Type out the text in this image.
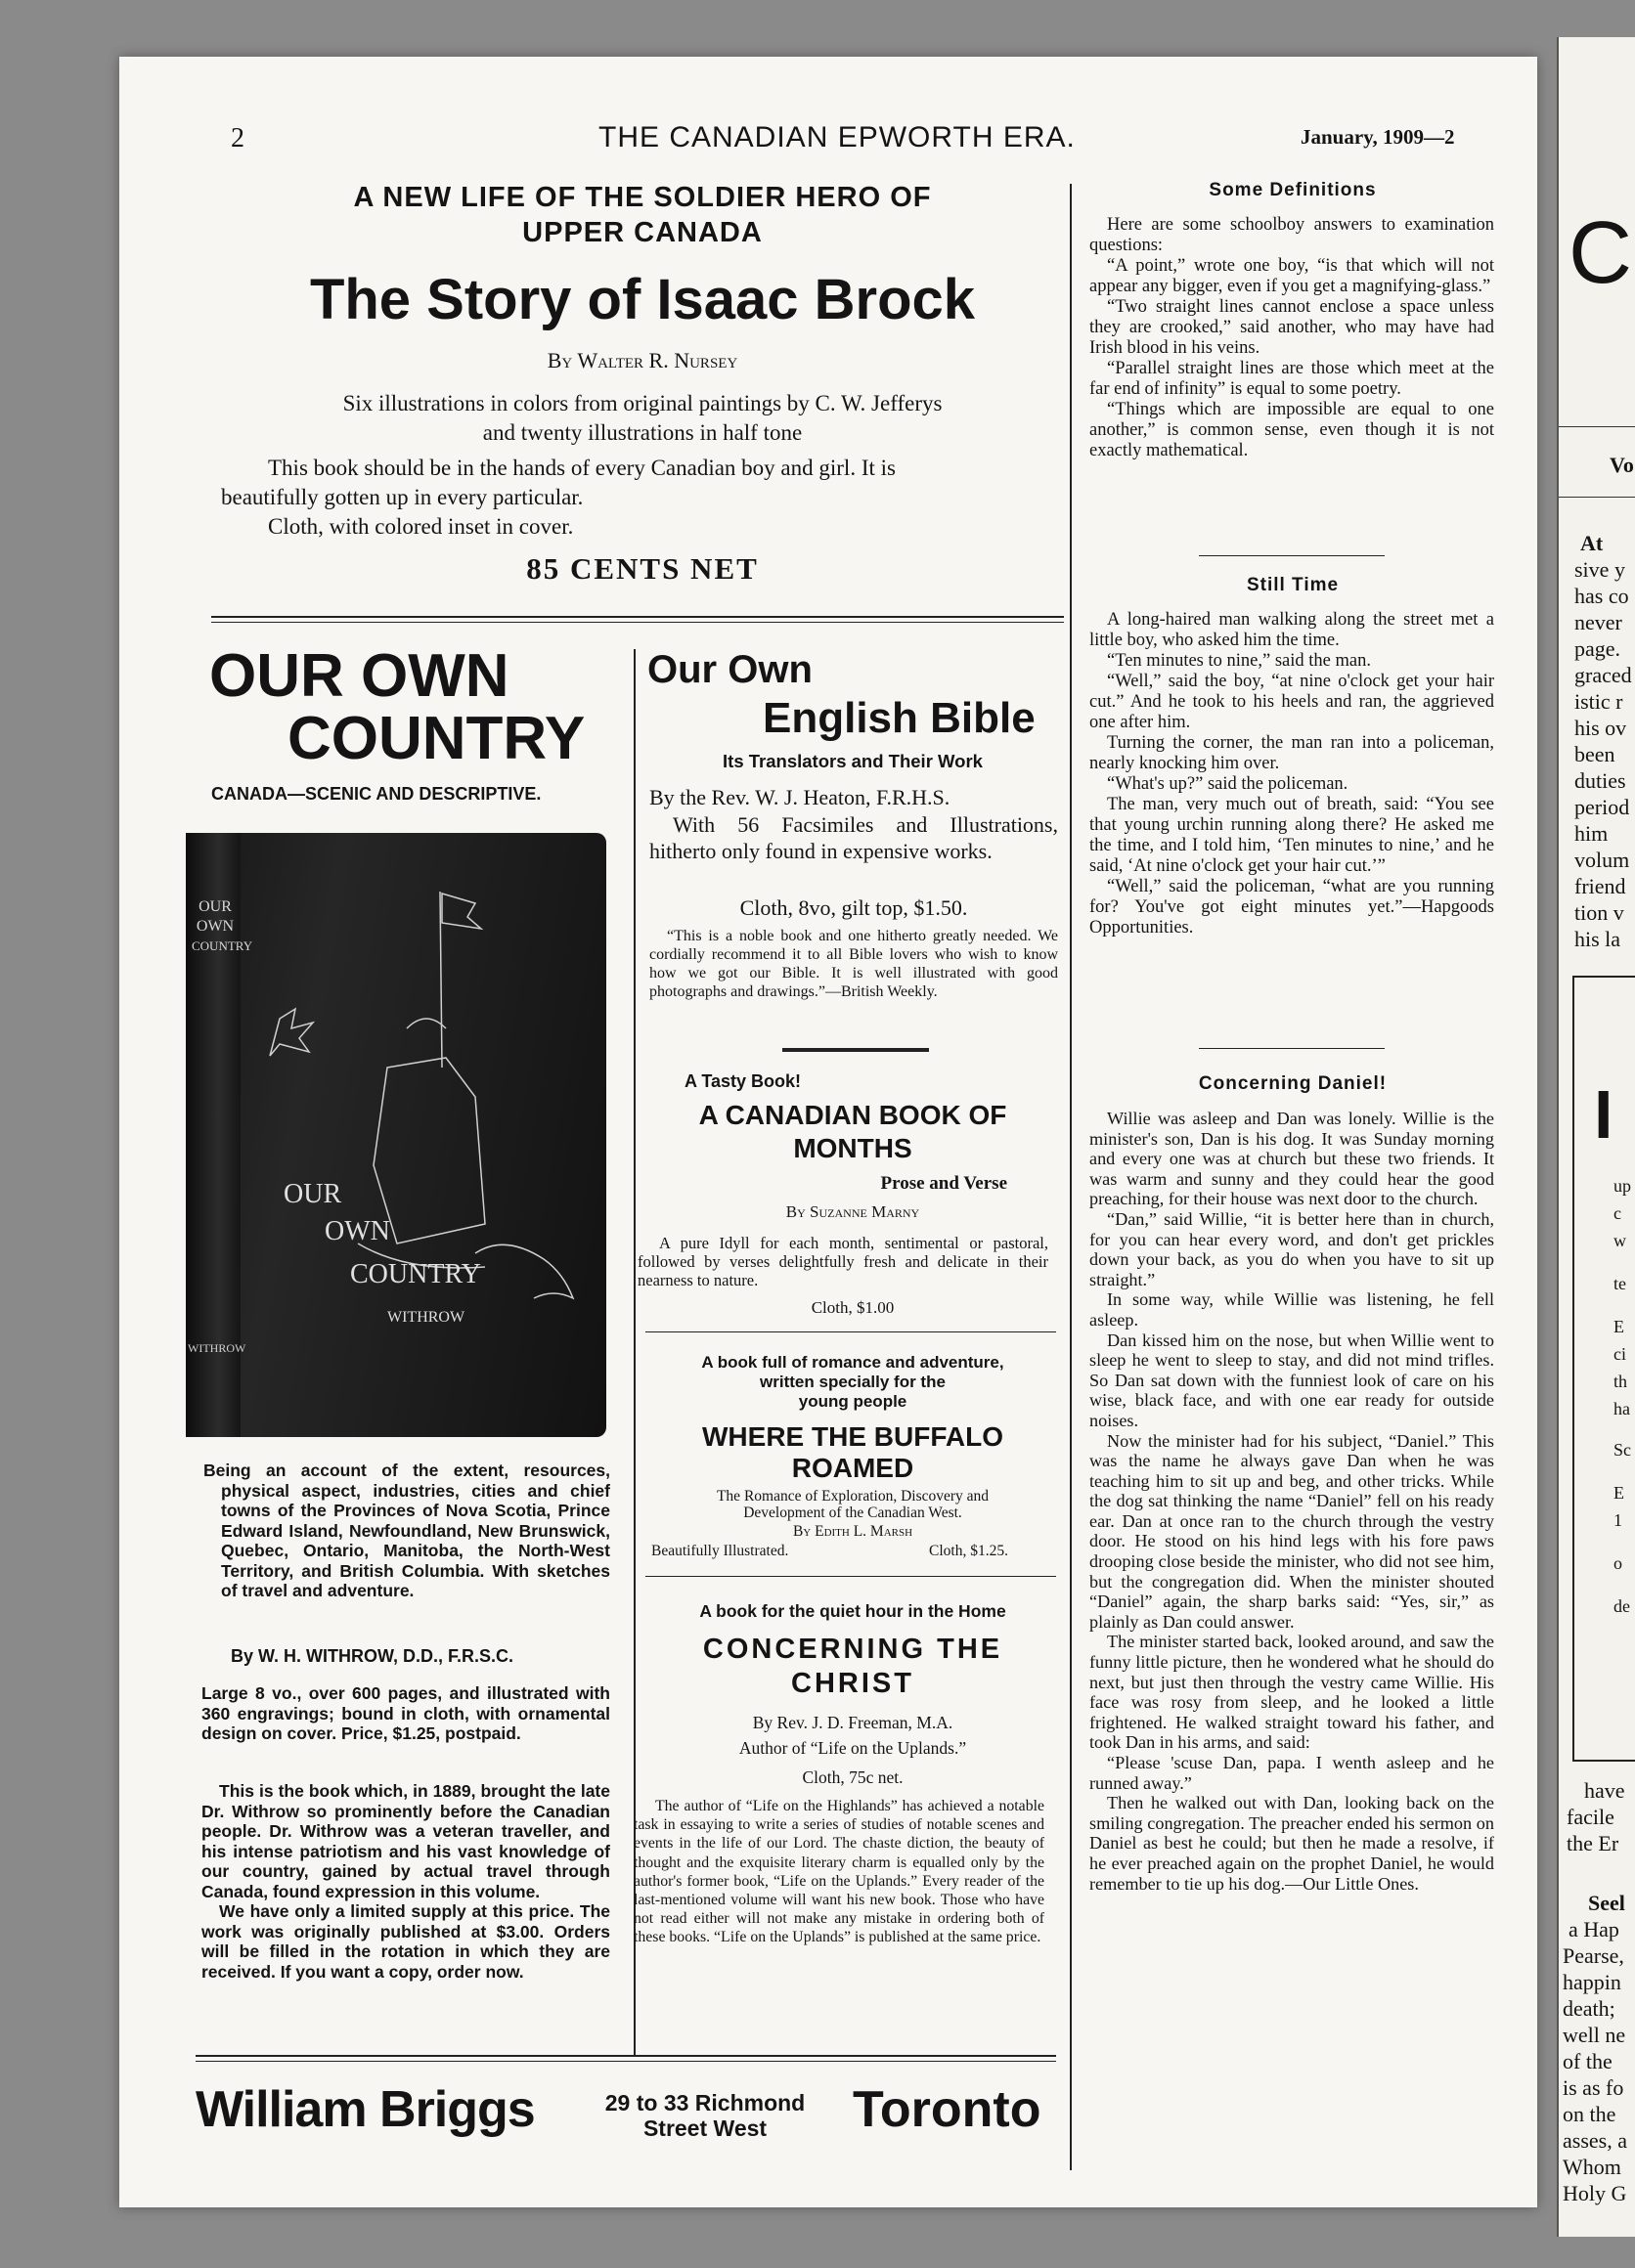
2	THE CANADIAN EPWORTH ERA.	January, 1909—2
A NEW LIFE OF THE SOLDIER HERO OF
UPPER CANADA
The Story of Isaac Brock
By Walter R. Nursey
Six illustrations in colors from original paintings by C. W. Jefferys
and twenty illustrations in half tone
This book should be in the hands of every Canadian boy and girl. It is
beautifully gotten up in every particular.
Cloth, with colored inset in cover.
85 CENTS NET
OUR OWN
COUNTRY
CANADA—SCENIC AND DESCRIPTIVE.
OUR
OWN
COUNTRY
WITHROW
OUR
OWN
COUNTRY
WITHROW
Being an account of the extent, resources, physical aspect, industries, cities and chief towns of the Provinces of Nova Scotia, Prince Edward Island, Newfoundland, New Brunswick, Quebec, Ontario, Manitoba, the North-West Territory, and British Columbia. With sketches of travel and adventure.
By W. H. WITHROW, D.D., F.R.S.C.
Large 8 vo., over 600 pages, and illustrated with 360 engravings; bound in cloth, with ornamental design on cover. Price, $1.25, postpaid.

This is the book which, in 1889, brought the late Dr. Withrow so prominently before the Canadian people. Dr. Withrow was a veteran traveller, and his intense patriotism and his vast knowledge of our country, gained by actual travel through Canada, found expression in this volume.

We have only a limited supply at this price. The work was originally published at $3.00. Orders will be filled in the rotation in which they are received. If you want a copy, order now.

Our Own
English Bible
Its Translators and Their Work
By the Rev. W. J. Heaton, F.R.H.S.
With 56 Facsimiles and Illustrations, hitherto only found in expensive works.
Cloth, 8vo, gilt top, $1.50.
“This is a noble book and one hitherto greatly needed. We cordially recommend it to all Bible lovers who wish to know how we got our Bible. It is well illustrated with good photographs and drawings.”—British Weekly.
A Tasty Book!
A CANADIAN BOOK OF
MONTHS
Prose and Verse
By Suzanne Marny
A pure Idyll for each month, sentimental or pastoral, followed by verses delightfully fresh and delicate in their nearness to nature.
Cloth, $1.00
A book full of romance and adventure,
written specially for the
young people
WHERE THE BUFFALO
ROAMED
The Romance of Exploration, Discovery and
Development of the Canadian West.
By Edith L. Marsh
Beautifully Illustrated.	Cloth, $1.25.
A book for the quiet hour in the Home
CONCERNING THE
CHRIST
By Rev. J. D. Freeman, M.A.
Author of “Life on the Uplands.”
Cloth, 75c net.
The author of “Life on the Highlands” has achieved a notable task in essaying to write a series of studies of notable scenes and events in the life of our Lord. The chaste diction, the beauty of thought and the exquisite literary charm is equalled only by the author's former book, “Life on the Uplands.” Every reader of the last-mentioned volume will want his new book. Those who have not read either will not make any mistake in ordering both of these books. “Life on the Uplands” is published at the same price.
William Briggs	29 to 33 Richmond
Street West	Toronto
Some Definitions

Here are some schoolboy answers to examination questions:

“A point,” wrote one boy, “is that which will not appear any bigger, even if you get a magnifying-glass.”

“Two straight lines cannot enclose a space unless they are crooked,” said another, who may have had Irish blood in his veins.

“Parallel straight lines are those which meet at the far end of infinity” is equal to some poetry.

“Things which are impossible are equal to one another,” is common sense, even though it is not exactly mathematical.

Still Time

A long-haired man walking along the street met a little boy, who asked him the time.

“Ten minutes to nine,” said the man.

“Well,” said the boy, “at nine o'clock get your hair cut.” And he took to his heels and ran, the aggrieved one after him.

Turning the corner, the man ran into a policeman, nearly knocking him over.

“What's up?” said the policeman.

The man, very much out of breath, said: “You see that young urchin running along there? He asked me the time, and I told him, ‘Ten minutes to nine,’ and he said, ‘At nine o'clock get your hair cut.’”

“Well,” said the policeman, “what are you running for? You've got eight minutes yet.”—Hapgoods Opportunities.

Concerning Daniel!

Willie was asleep and Dan was lonely. Willie is the minister's son, Dan is his dog. It was Sunday morning and every one was at church but these two friends. It was warm and sunny and they could hear the good preaching, for their house was next door to the church.

“Dan,” said Willie, “it is better here than in church, for you can hear every word, and don't get prickles down your back, as you do when you have to sit up straight.”

In some way, while Willie was listening, he fell asleep.

Dan kissed him on the nose, but when Willie went to sleep he went to sleep to stay, and did not mind trifles. So Dan sat down with the funniest look of care on his wise, black face, and with one ear ready for outside noises.

Now the minister had for his subject, “Daniel.” This was the name he always gave Dan when he was teaching him to sit up and beg, and other tricks. While the dog sat thinking the name “Daniel” fell on his ready ear. Dan at once ran to the church through the vestry door. He stood on his hind legs with his fore paws drooping close beside the minister, who did not see him, but the congregation did. When the minister shouted “Daniel” again, the sharp barks said: “Yes, sir,” as plainly as Dan could answer.

The minister started back, looked around, and saw the funny little picture, then he wondered what he should do next, but just then through the vestry came Willie. His face was rosy from sleep, and he looked a little frightened. He walked straight toward his father, and took Dan in his arms, and said:

“Please 'scuse Dan, papa. I wenth asleep and he runned away.”

Then he walked out with Dan, looking back on the smiling congregation. The preacher ended his sermon on Daniel as best he could; but then he made a resolve, if he ever preached again on the prophet Daniel, he would remember to tie up his dog.—Our Little Ones.

C
Vo
At
sive y
has co
never
page.
graced
istic r
his ov
been
duties
period
him
volum
friend
tion v
his la
I
up
c
w
te
E
ci
th
ha
Sc
E
1
o
de
have
facile
the Er
Seel
a Hap
Pearse,
happin
death;
well ne
of the
is as fo
on the
asses, a
Whom
Holy G
